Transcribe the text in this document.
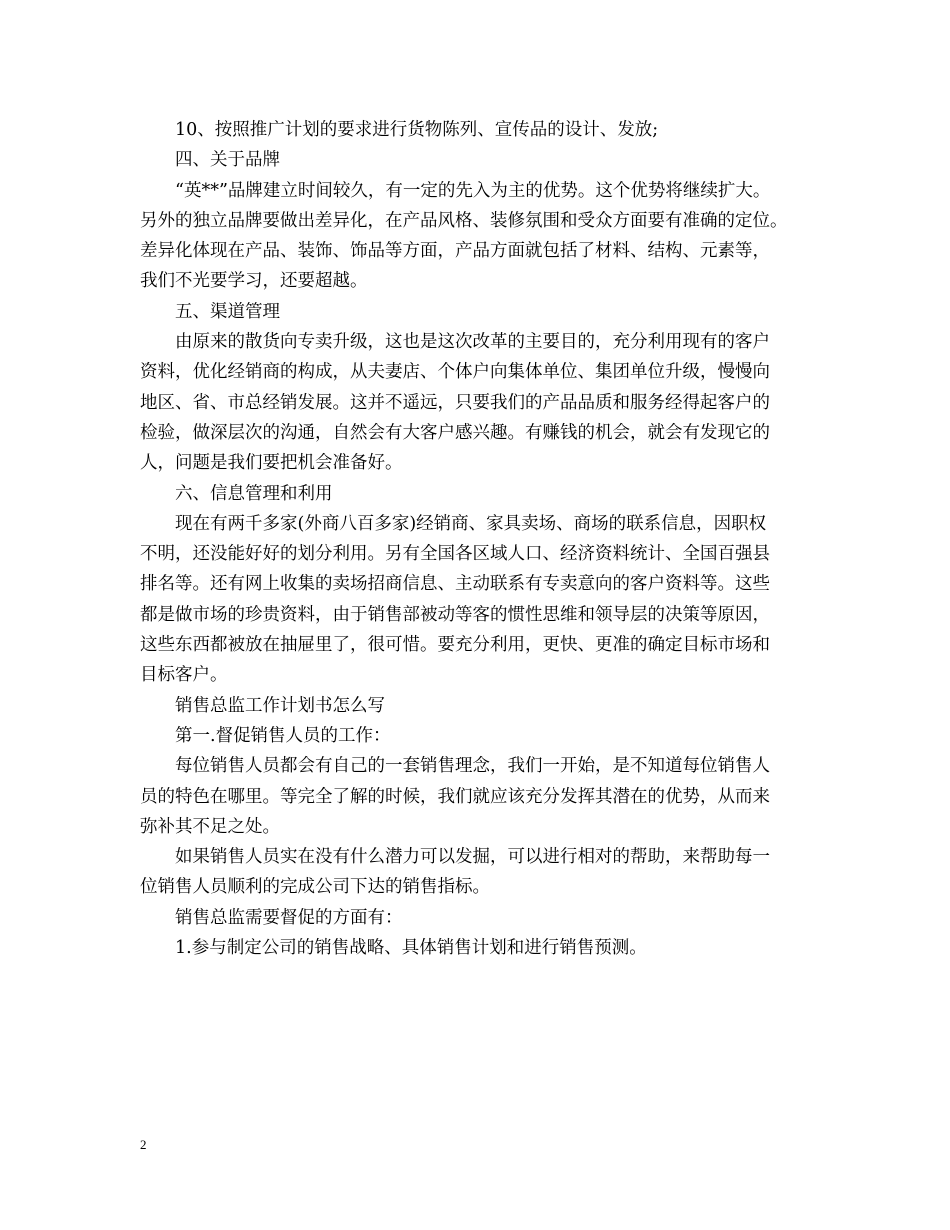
10、按照推广计划的要求进行货物陈列、宣传品的设计、发放;
四、关于品牌
“英**”品牌建立时间较久，有一定的先入为主的优势。这个优势将继续扩大。
另外的独立品牌要做出差异化，在产品风格、装修氛围和受众方面要有准确的定位。
差异化体现在产品、装饰、饰品等方面，产品方面就包括了材料、结构、元素等，
我们不光要学习，还要超越。
五、渠道管理
由原来的散货向专卖升级，这也是这次改革的主要目的，充分利用现有的客户
资料，优化经销商的构成，从夫妻店、个体户向集体单位、集团单位升级，慢慢向
地区、省、市总经销发展。这并不遥远，只要我们的产品品质和服务经得起客户的
检验，做深层次的沟通，自然会有大客户感兴趣。有赚钱的机会，就会有发现它的
人，问题是我们要把机会准备好。
六、信息管理和利用
现在有两千多家(外商八百多家)经销商、家具卖场、商场的联系信息，因职权
不明，还没能好好的划分利用。另有全国各区域人口、经济资料统计、全国百强县
排名等。还有网上收集的卖场招商信息、主动联系有专卖意向的客户资料等。这些
都是做市场的珍贵资料，由于销售部被动等客的惯性思维和领导层的决策等原因，
这些东西都被放在抽屉里了，很可惜。要充分利用，更快、更准的确定目标市场和
目标客户。
销售总监工作计划书怎么写
第一.督促销售人员的工作：
每位销售人员都会有自己的一套销售理念，我们一开始，是不知道每位销售人
员的特色在哪里。等完全了解的时候，我们就应该充分发挥其潜在的优势，从而来
弥补其不足之处。
如果销售人员实在没有什么潜力可以发掘，可以进行相对的帮助，来帮助每一
位销售人员顺利的完成公司下达的销售指标。
销售总监需要督促的方面有：
1.参与制定公司的销售战略、具体销售计划和进行销售预测。
2
